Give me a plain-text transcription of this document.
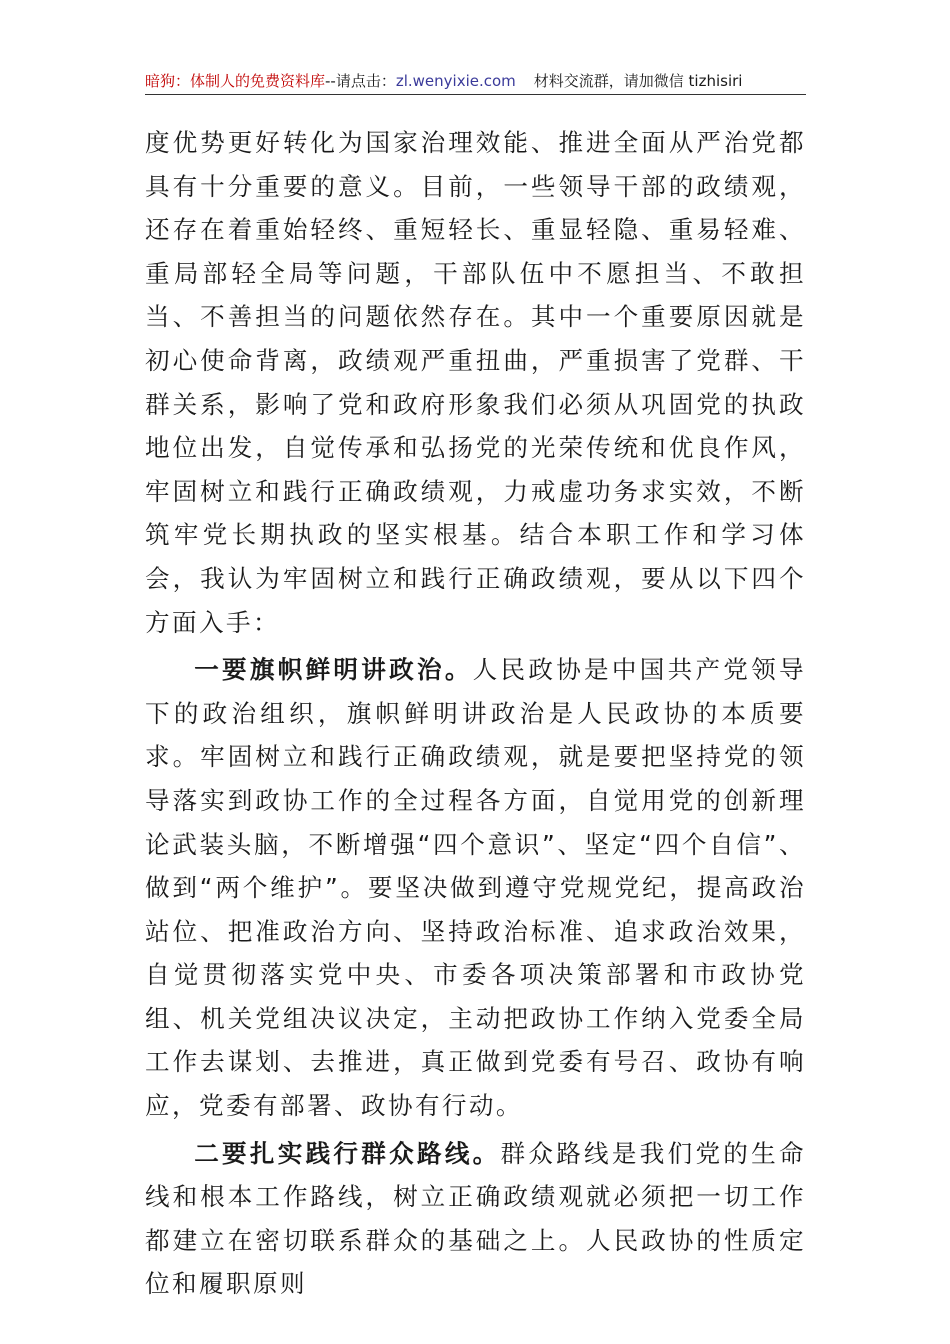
暗狗：体制人的免费资料库--请点击：zl.wenyixie.com 材料交流群，请加微信 tizhisiri

度优势更好转化为国家治理效能、推进全面从严治党都具有十分重要的意义。目前，一些领导干部的政绩观，还存在着重始轻终、重短轻长、重显轻隐、重易轻难、重局部轻全局等问题，干部队伍中不愿担当、不敢担当、不善担当的问题依然存在。其中一个重要原因就是初心使命背离，政绩观严重扭曲，严重损害了党群、干群关系，影响了党和政府形象我们必须从巩固党的执政地位出发，自觉传承和弘扬党的光荣传统和优良作风，牢固树立和践行正确政绩观，力戒虚功务求实效，不断筑牢党长期执政的坚实根基。结合本职工作和学习体会，我认为牢固树立和践行正确政绩观，要从以下四个方面入手：

一要旗帜鲜明讲政治。人民政协是中国共产党领导下的政治组织，旗帜鲜明讲政治是人民政协的本质要求。牢固树立和践行正确政绩观，就是要把坚持党的领导落实到政协工作的全过程各方面，自觉用党的创新理论武装头脑，不断增强“四个意识”、坚定“四个自信”、做到“两个维护”。要坚决做到遵守党规党纪，提高政治站位、把准政治方向、坚持政治标准、追求政治效果，自觉贯彻落实党中央、市委各项决策部署和市政协党组、机关党组决议决定，主动把政协工作纳入党委全局工作去谋划、去推进，真正做到党委有号召、政协有响应，党委有部署、政协有行动。

二要扎实践行群众路线。群众路线是我们党的生命线和根本工作路线，树立正确政绩观就必须把一切工作都建立在密切联系群众的基础之上。人民政协的性质定位和履职原则
